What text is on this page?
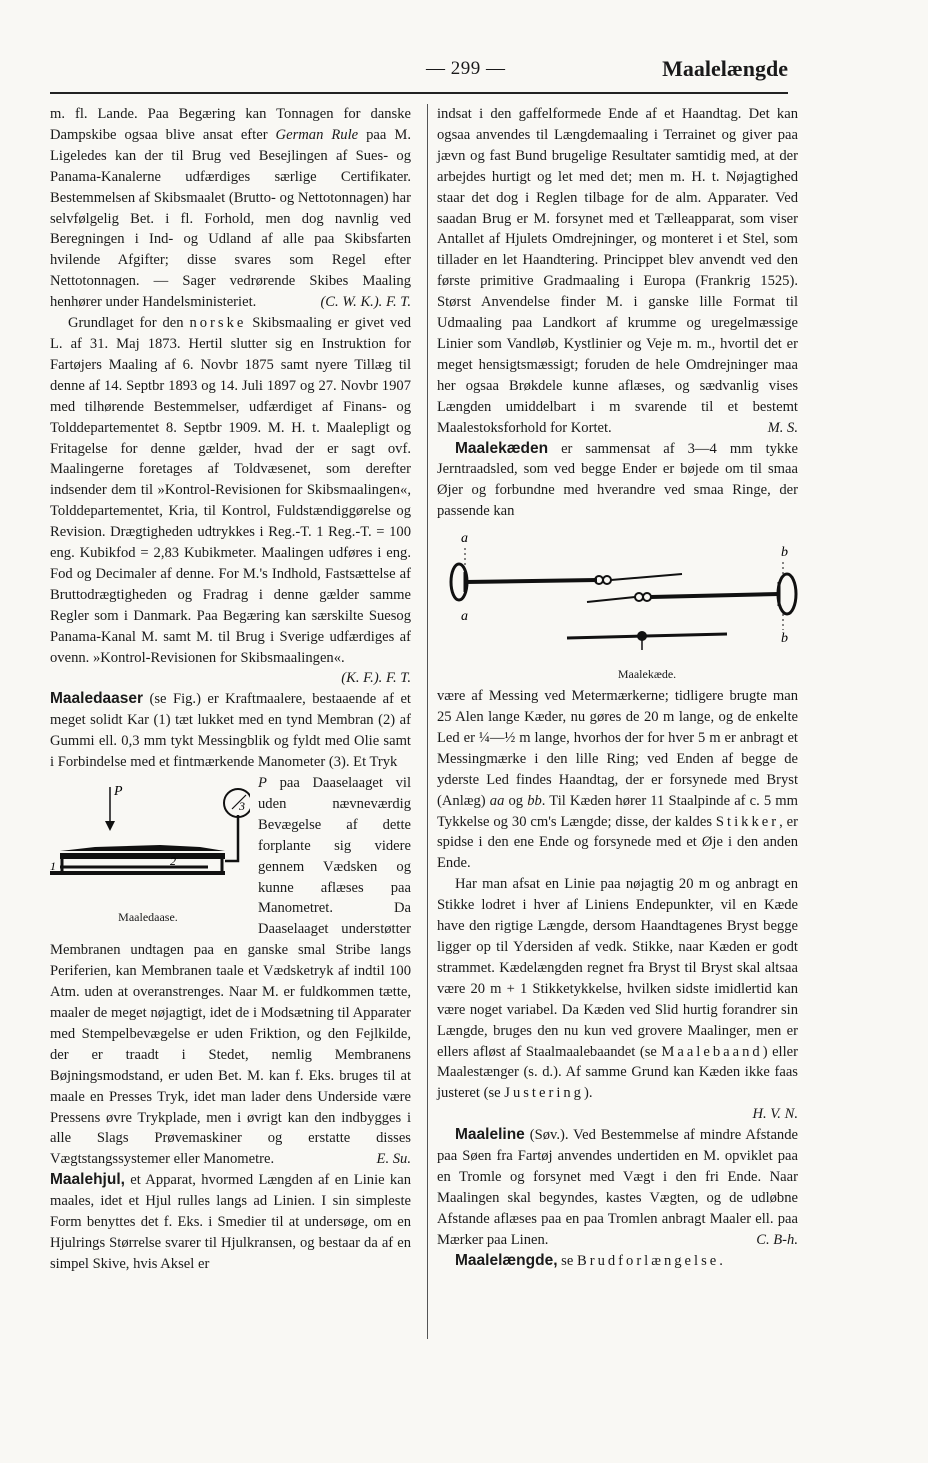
— 299 —	Maalelængde

m. fl. Lande. Paa Begæring kan Tonnagen for danske Dampskibe ogsaa blive ansat efter German Rule paa M. Ligeledes kan der til Brug ved Besejlingen af Sues- og Panama-Kanalerne udfærdiges særlige Certifikater. Bestemmelsen af Skibsmaalet (Brutto- og Nettotonnagen) har selvfølgelig Bet. i fl. Forhold, men dog navnlig ved Beregningen i Ind- og Udland af alle paa Skibsfarten hvilende Afgifter; disse svares som Regel efter Nettotonnagen. — Sager vedrørende Skibes Maaling henhører under Handelsministeriet.	(C. W. K.). F. T.

Grundlaget for den norske Skibsmaaling er givet ved L. af 31. Maj 1873. Hertil slutter sig en Instruktion for Fartøjers Maaling af 6. Novbr 1875 samt nyere Tillæg til denne af 14. Septbr 1893 og 14. Juli 1897 og 27. Novbr 1907 med tilhørende Bestemmelser, udfærdiget af Finans- og Tolddepartementet 8. Septbr 1909. M. H. t. Maalepligt og Fritagelse for denne gælder, hvad der er sagt ovf. Maalingerne foretages af Toldvæsenet, som derefter indsender dem til »Kontrol-Revisionen for Skibsmaalingen«, Tolddepartementet, Kria, til Kontrol, Fuldstændiggørelse og Revision. Drægtigheden udtrykkes i Reg.-T. 1 Reg.-T. = 100 eng. Kubikfod = 2,83 Kubikmeter. Maalingen udføres i eng. Fod og Decimaler af denne. For M.'s Indhold, Fastsættelse af Bruttodrægtigheden og Fradrag i denne gælder samme Regler som i Danmark. Paa Begæring kan særskilte Suesog Panama-Kanal M. samt M. til Brug i Sverige udfærdiges af ovenn. »Kontrol-Revisionen for Skibsmaalingen«.
(K. F.). F. T.

Maaledaaser (se Fig.) er Kraftmaalere, bestaaende af et meget solidt Kar (1) tæt lukket med en tynd Membran (2) af Gummi ell. 0,3 mm tykt Messingblik og fyldt med Olie samt i Forbindelse med et fintmærkende Manometer (3). Et Tryk

P
3
2
1
Maaledaase.

P paa Daaselaaget vil uden nævneværdig Bevægelse af dette forplante sig videre gennem Vædsken og kunne aflæses paa Manometret. Da Daaselaaget understøtter Membranen undtagen paa en ganske smal Stribe langs Periferien, kan Membranen taale et Vædsketryk af indtil 100 Atm. uden at overanstrenges. Naar M. er fuldkommen tætte, maaler de meget nøjagtigt, idet de i Modsætning til Apparater med Stempelbevægelse er uden Friktion, og den Fejlkilde, der er traadt i Stedet, nemlig Membranens Bøjningsmodstand, er uden Bet. M. kan f. Eks. bruges til at maale en Presses Tryk, idet man lader dens Underside være Pressens øvre Trykplade, men i øvrigt kan den indbygges i alle Slags Prøvemaskiner og erstatte disses Vægtstangssystemer eller Manometre.	E. Su.

Maalehjul, et Apparat, hvormed Længden af en Linie kan maales, idet et Hjul rulles langs ad Linien. I sin simpleste Form benyttes det f. Eks. i Smedier til at undersøge, om en Hjulrings Størrelse svarer til Hjulkransen, og bestaar da af en simpel Skive, hvis Aksel er

indsat i den gaffelformede Ende af et Haandtag. Det kan ogsaa anvendes til Længdemaaling i Terrainet og giver paa jævn og fast Bund brugelige Resultater samtidig med, at der arbejdes hurtigt og let med det; men m. H. t. Nøjagtighed staar det dog i Reglen tilbage for de alm. Apparater. Ved saadan Brug er M. forsynet med et Tælleapparat, som viser Antallet af Hjulets Omdrejninger, og monteret i et Stel, som tillader en let Haandtering. Princippet blev anvendt ved den første primitive Gradmaaling i Europa (Frankrig 1525). Størst Anvendelse finder M. i ganske lille Format til Udmaaling paa Landkort af krumme og uregelmæssige Linier som Vandløb, Kystlinier og Veje m. m., hvortil det er meget hensigtsmæssigt; foruden de hele Omdrejninger maa her ogsaa Brøkdele kunne aflæses, og sædvanlig vises Længden umiddelbart i m svarende til et bestemt Maalestoksforhold for Kortet.	M. S.

Maalekæden er sammensat af 3—4 mm tykke Jerntraadsled, som ved begge Ender er bøjede om til smaa Øjer og forbundne med hverandre ved smaa Ringe, der passende kan

a
a
b
b
Maalekæde.

være af Messing ved Metermærkerne; tidligere brugte man 25 Alen lange Kæder, nu gøres de 20 m lange, og de enkelte Led er ¼—½ m lange, hvorhos der for hver 5 m er anbragt et Messingmærke i den lille Ring; ved Enden af begge de yderste Led findes Haandtag, der er forsynede med Bryst (Anlæg) aa og bb. Til Kæden hører 11 Staalpinde af c. 5 mm Tykkelse og 30 cm's Længde; disse, der kaldes Stikker, er spidse i den ene Ende og forsynede med et Øje i den anden Ende.

Har man afsat en Linie paa nøjagtig 20 m og anbragt en Stikke lodret i hver af Liniens Endepunkter, vil en Kæde have den rigtige Længde, dersom Haandtagenes Bryst begge ligger op til Ydersiden af vedk. Stikke, naar Kæden er godt strammet. Kædelængden regnet fra Bryst til Bryst skal altsaa være 20 m + 1 Stikketykkelse, hvilken sidste imidlertid kan være noget variabel. Da Kæden ved Slid hurtig forandrer sin Længde, bruges den nu kun ved grovere Maalinger, men er ellers afløst af Staalmaalebaandet (se Maalebaand) eller Maalestænger (s. d.). Af samme Grund kan Kæden ikke faas justeret (se Justering).

H. V. N.

Maaleline (Søv.). Ved Bestemmelse af mindre Afstande paa Søen fra Fartøj anvendes undertiden en M. opviklet paa en Tromle og forsynet med Vægt i den fri Ende. Naar Maalingen skal begyndes, kastes Vægten, og de udløbne Afstande aflæses paa en paa Tromlen anbragt Maaler ell. paa Mærker paa Linen.	C. B-h.

Maalelængde, se Brudforlængelse.
